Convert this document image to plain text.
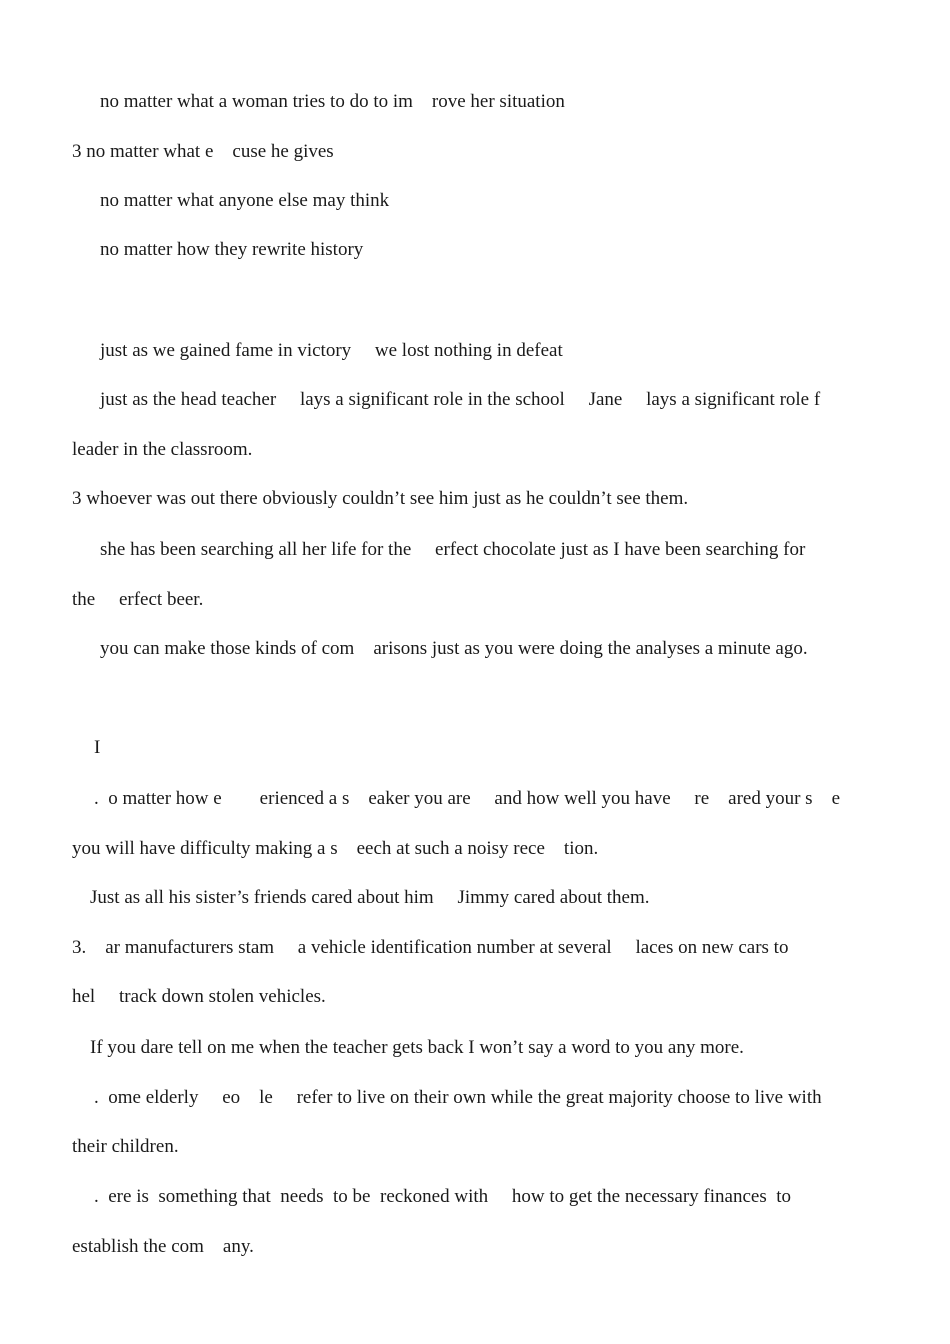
no matter what a woman tries to do to im    rove her situation
3 no matter what e    cuse he gives
no matter what anyone else may think
no matter how they rewrite history
just as we gained fame in victory     we lost nothing in defeat
just as the head teacher     lays a significant role in the school     Jane     lays a significant role f
leader in the classroom.
3 whoever was out there obviously couldn’t see him just as he couldn’t see them.
she has been searching all her life for the     erfect chocolate just as I have been searching for
the     erfect beer.
you can make those kinds of com    arisons just as you were doing the analyses a minute ago.
I
.  o matter how e        erienced a s    eaker you are     and how well you have     re    ared your s    e
you will have difficulty making a s    eech at such a noisy rece    tion.
Just as all his sister’s friends cared about him     Jimmy cared about them.
3.    ar manufacturers stam     a vehicle identification number at several     laces on new cars to
hel     track down stolen vehicles.
If you dare tell on me when the teacher gets back I won’t say a word to you any more.
.  ome elderly     eo    le     refer to live on their own while the great majority choose to live with
their children.
.  ere is  something that  needs  to be  reckoned with     how to get the necessary finances  to
establish the com    any.
